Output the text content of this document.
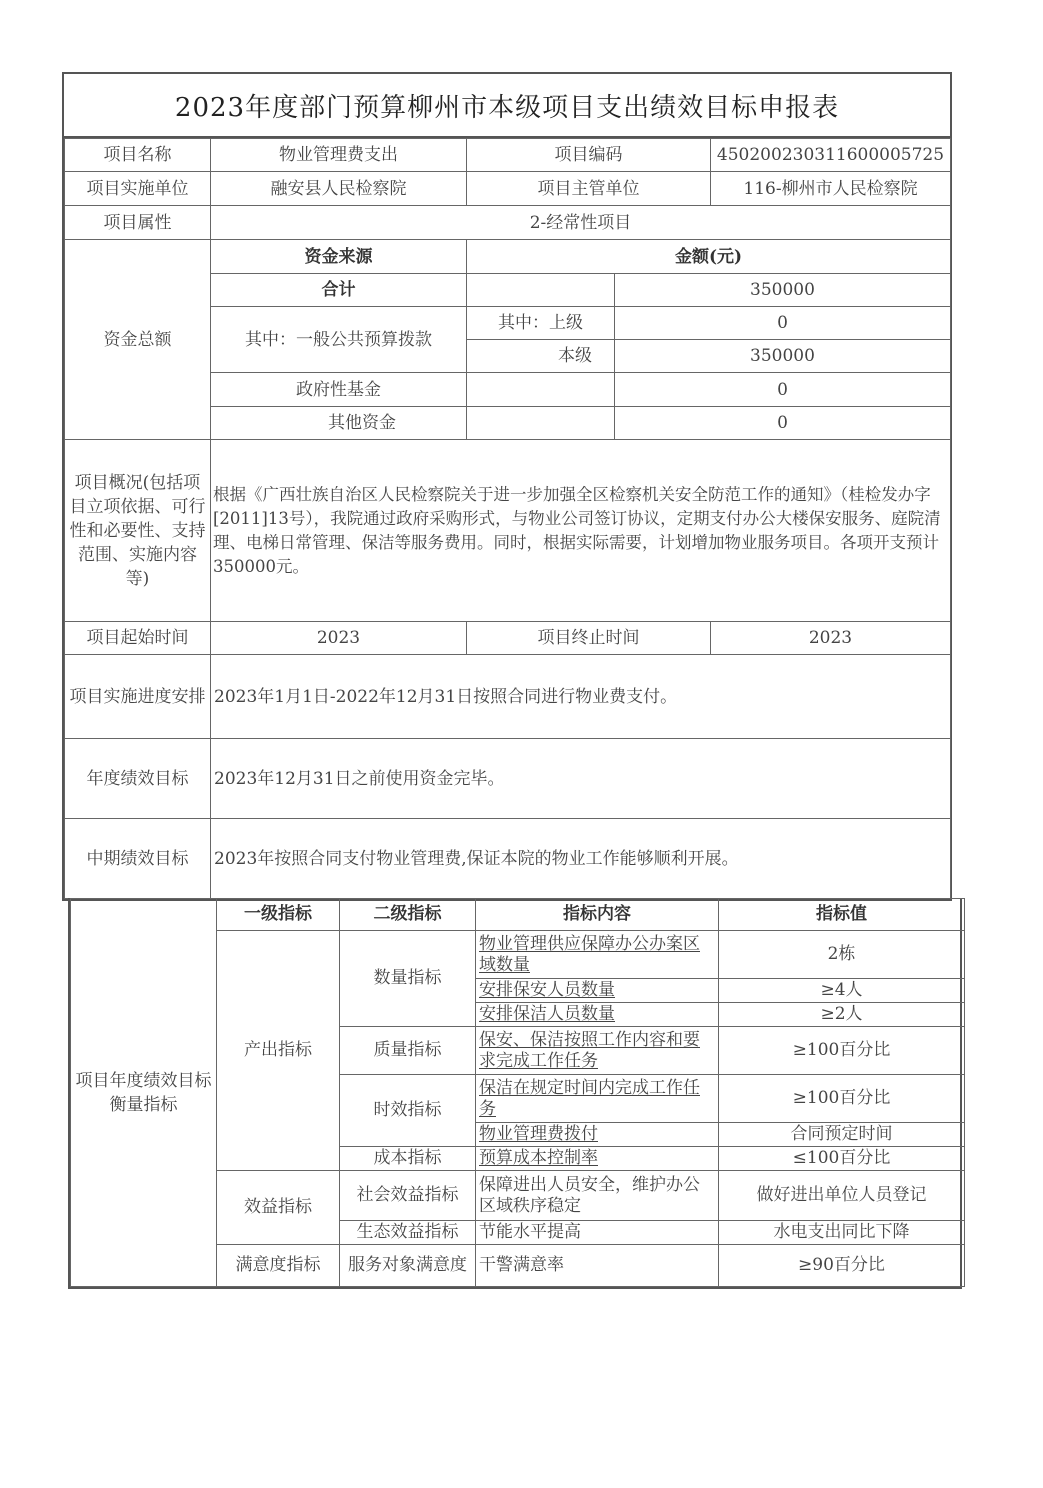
2023年度部门预算柳州市本级项目支出绩效目标申报表
项目名称	物业管理费支出	项目编码		450200230311600005725
项目实施单位	融安县人民检察院	项目主管单位		116-柳州市人民检察院
项目属性	2-经常性项目			
资金总额	资金来源	金额(元)		
	合计		350000	
	其中：一般公共预算拨款	其中：上级	0	
		本级	350000	
	政府性基金		0	
	其他资金		0	
项目概况(包括项目立项依据、可行性和必要性、支持范围、实施内容等)	根据《广西壮族自治区人民检察院关于进一步加强全区检察机关安全防范工作的通知》（桂检发办字[2011]13号），我院通过政府采购形式，与物业公司签订协议，定期支付办公大楼保安服务、庭院清理、电梯日常管理、保洁等服务费用。同时，根据实际需要，计划增加物业服务项目。各项开支预计350000元。			
项目起始时间	2023	项目终止时间		2023
项目实施进度安排	2023年1月1日-2022年12月31日按照合同进行物业费支付。			
年度绩效目标	2023年12月31日之前使用资金完毕。			
中期绩效目标	2023年按照合同支付物业管理费,保证本院的物业工作能够顺利开展。			
项目年度绩效目标衡量指标	一级指标	二级指标	指标内容	指标值
	产出指标	数量指标	物业管理供应保障办公办案区域数量	2栋
			安排保安人员数量	≥4人
			安排保洁人员数量	≥2人
		质量指标	保安、保洁按照工作内容和要求完成工作任务	≥100百分比
		时效指标	保洁在规定时间内完成工作任务	≥100百分比
			物业管理费拨付	合同预定时间
		成本指标	预算成本控制率	≤100百分比
	效益指标	社会效益指标	保障进出人员安全，维护办公区域秩序稳定	做好进出单位人员登记
		生态效益指标	节能水平提高	水电支出同比下降
	满意度指标	服务对象满意度	干警满意率	≥90百分比
